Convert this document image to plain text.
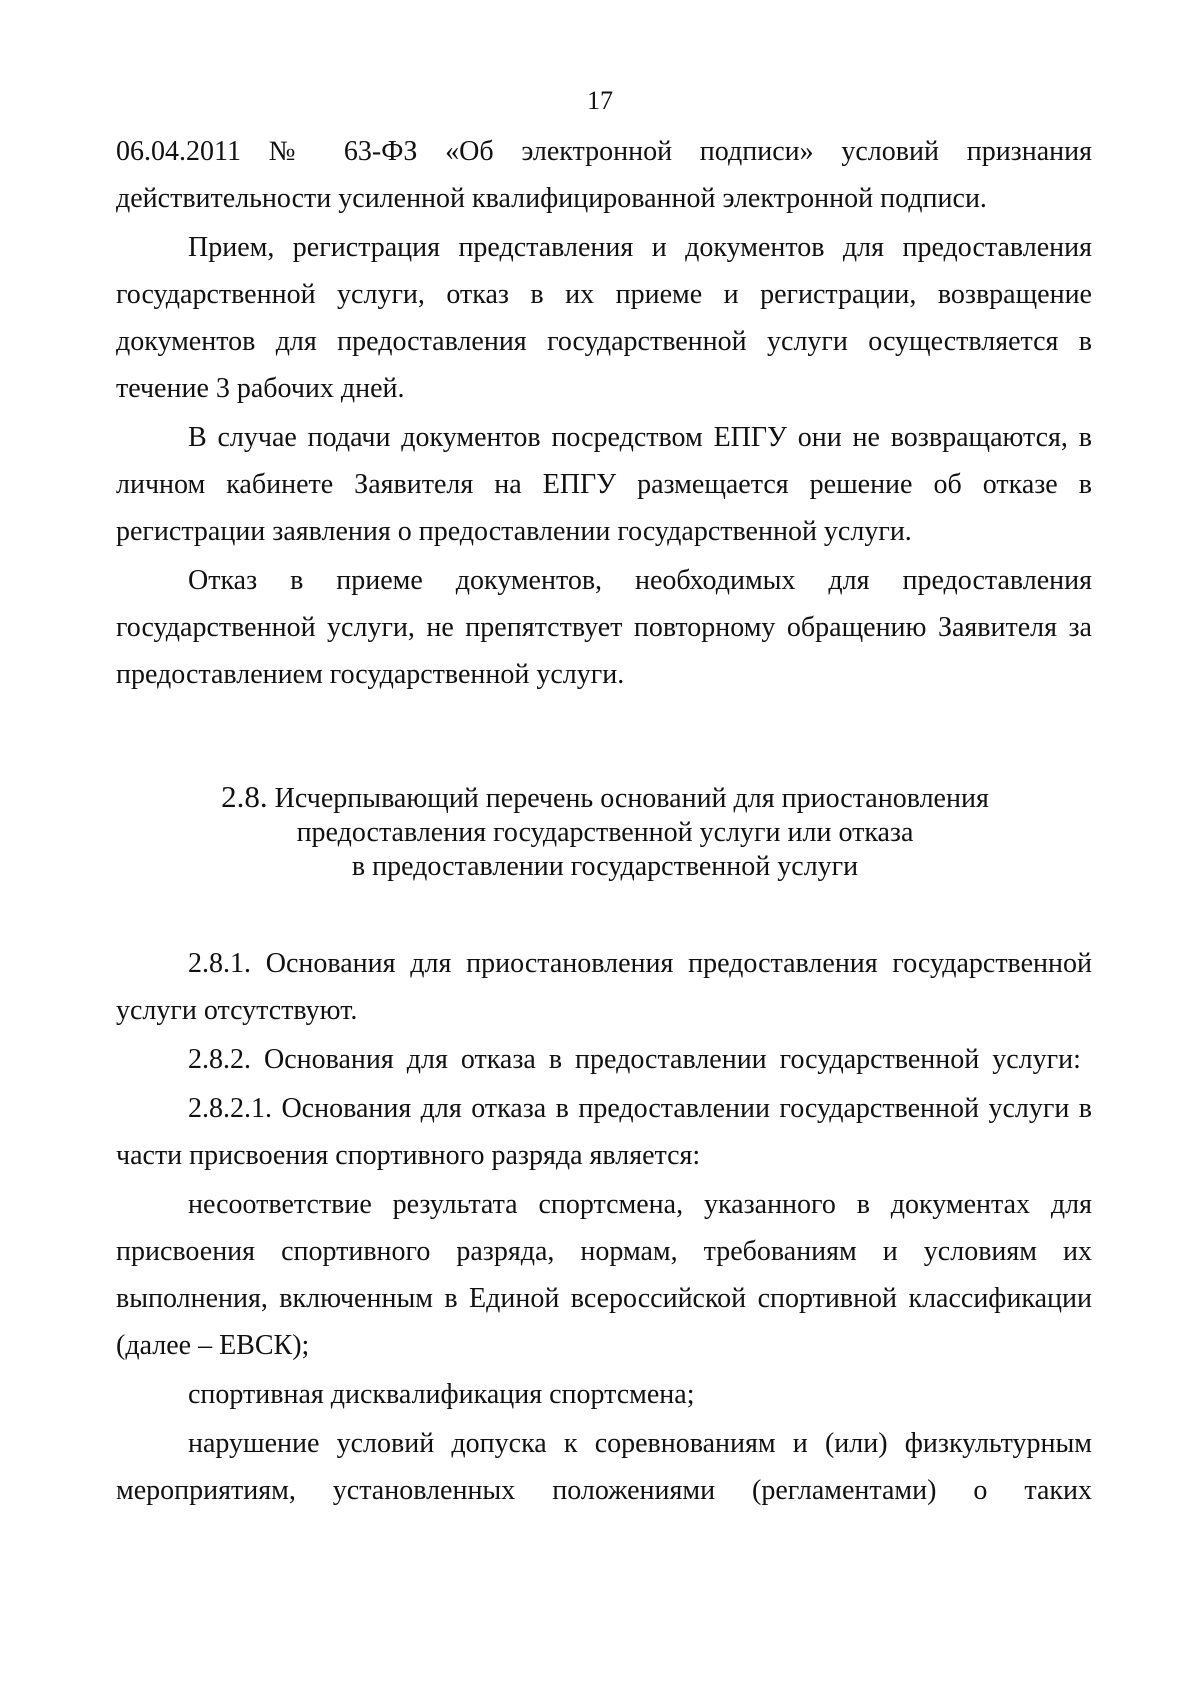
17

06.04.2011 № 63-ФЗ «Об электронной подписи» условий признания действительности усиленной квалифицированной электронной подписи.

Прием, регистрация представления и документов для предоставления государственной услуги, отказ в их приеме и регистрации, возвращение документов для предоставления государственной услуги осуществляется в течение 3 рабочих дней.

В случае подачи документов посредством ЕПГУ они не возвращаются, в личном кабинете Заявителя на ЕПГУ размещается решение об отказе в регистрации заявления о предоставлении государственной услуги.

Отказ в приеме документов, необходимых для предоставления государственной услуги, не препятствует повторному обращению Заявителя за предоставлением государственной услуги.

2.8. Исчерпывающий перечень оснований для приостановления
предоставления государственной услуги или отказа
в предоставлении государственной услуги

2.8.1. Основания для приостановления предоставления государственной услуги отсутствуют.

2.8.2. Основания для отказа в предоставлении государственной услуги:

2.8.2.1. Основания для отказа в предоставлении государственной услуги в части присвоения спортивного разряда является:

несоответствие результата спортсмена, указанного в документах для присвоения спортивного разряда, нормам, требованиям и условиям их выполнения, включенным в Единой всероссийской спортивной классификации (далее – ЕВСК);

спортивная дисквалификация спортсмена;

нарушение условий допуска к соревнованиям и (или) физкультурным мероприятиям, установленных положениями (регламентами) о таких
